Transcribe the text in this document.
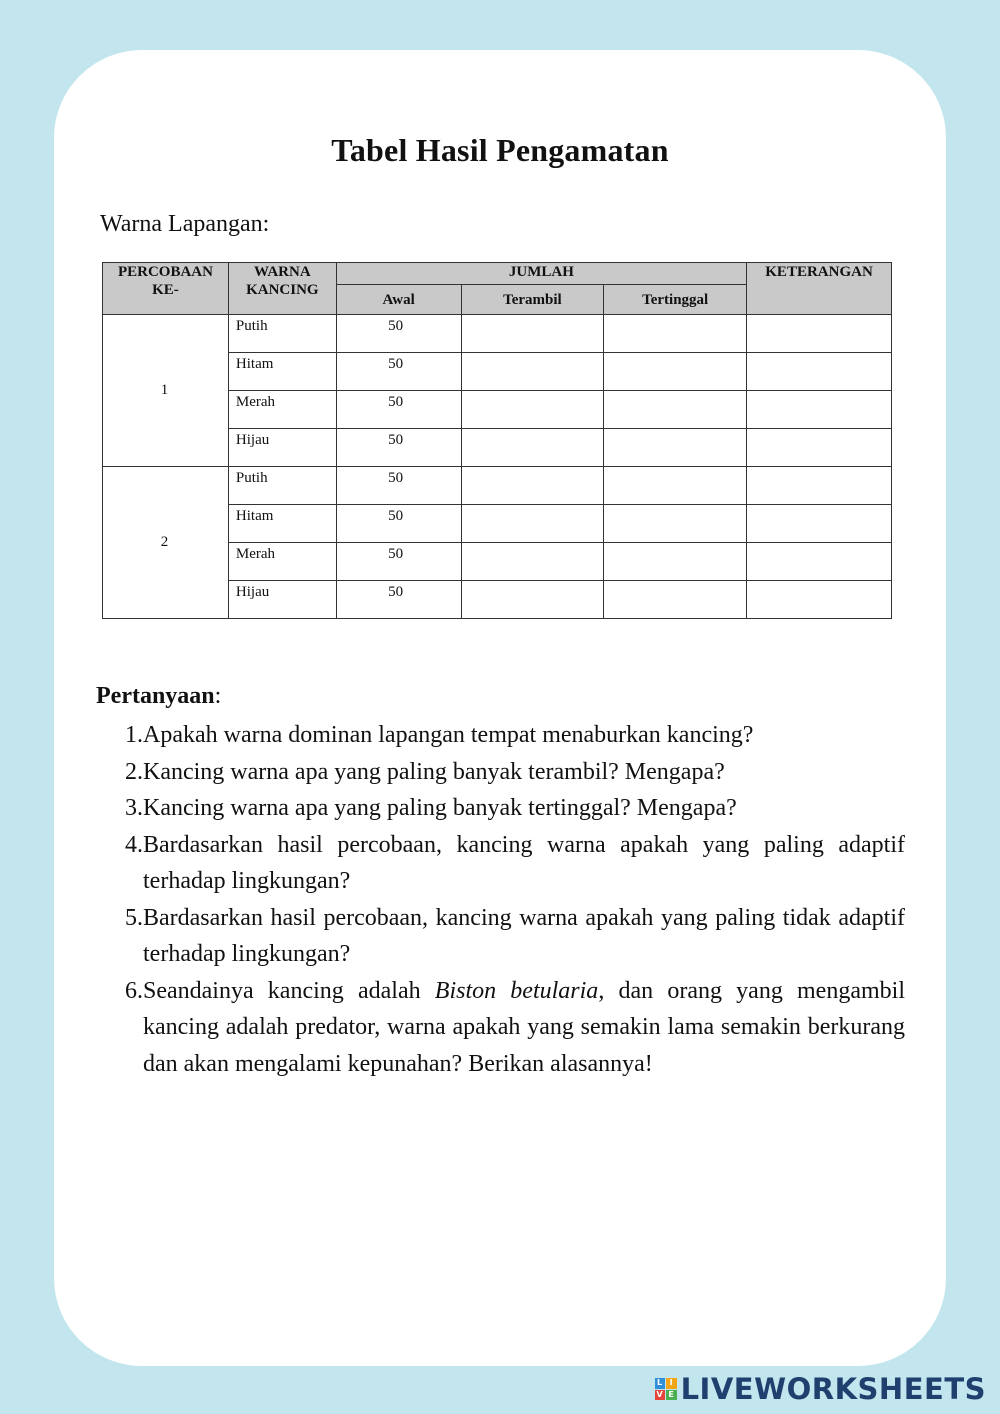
Tabel Hasil Pengamatan
Warna Lapangan:
PERCOBAAN KE-	WARNA KANCING	JUMLAH			KETERANGAN
		Awal	Terambil	Tertinggal	
1	Putih	50			
	Hitam	50			
	Merah	50			
	Hijau	50			
2	Putih	50			
	Hitam	50			
	Merah	50			
	Hijau	50			
Pertanyaan:
1. Apakah warna dominan lapangan tempat menaburkan kancing?
2. Kancing warna apa yang paling banyak terambil? Mengapa?
3. Kancing warna apa yang paling banyak tertinggal? Mengapa?
4. Bardasarkan hasil percobaan, kancing warna apakah yang paling adaptif terhadap lingkungan?
5. Bardasarkan hasil percobaan, kancing warna apakah yang paling tidak adaptif terhadap lingkungan?
6. Seandainya kancing adalah Biston betularia, dan orang yang mengambil kancing adalah predator, warna apakah yang semakin lama semakin berkurang dan akan mengalami kepunahan? Berikan alasannya!
L I
V E LIVEWORKSHEETS
